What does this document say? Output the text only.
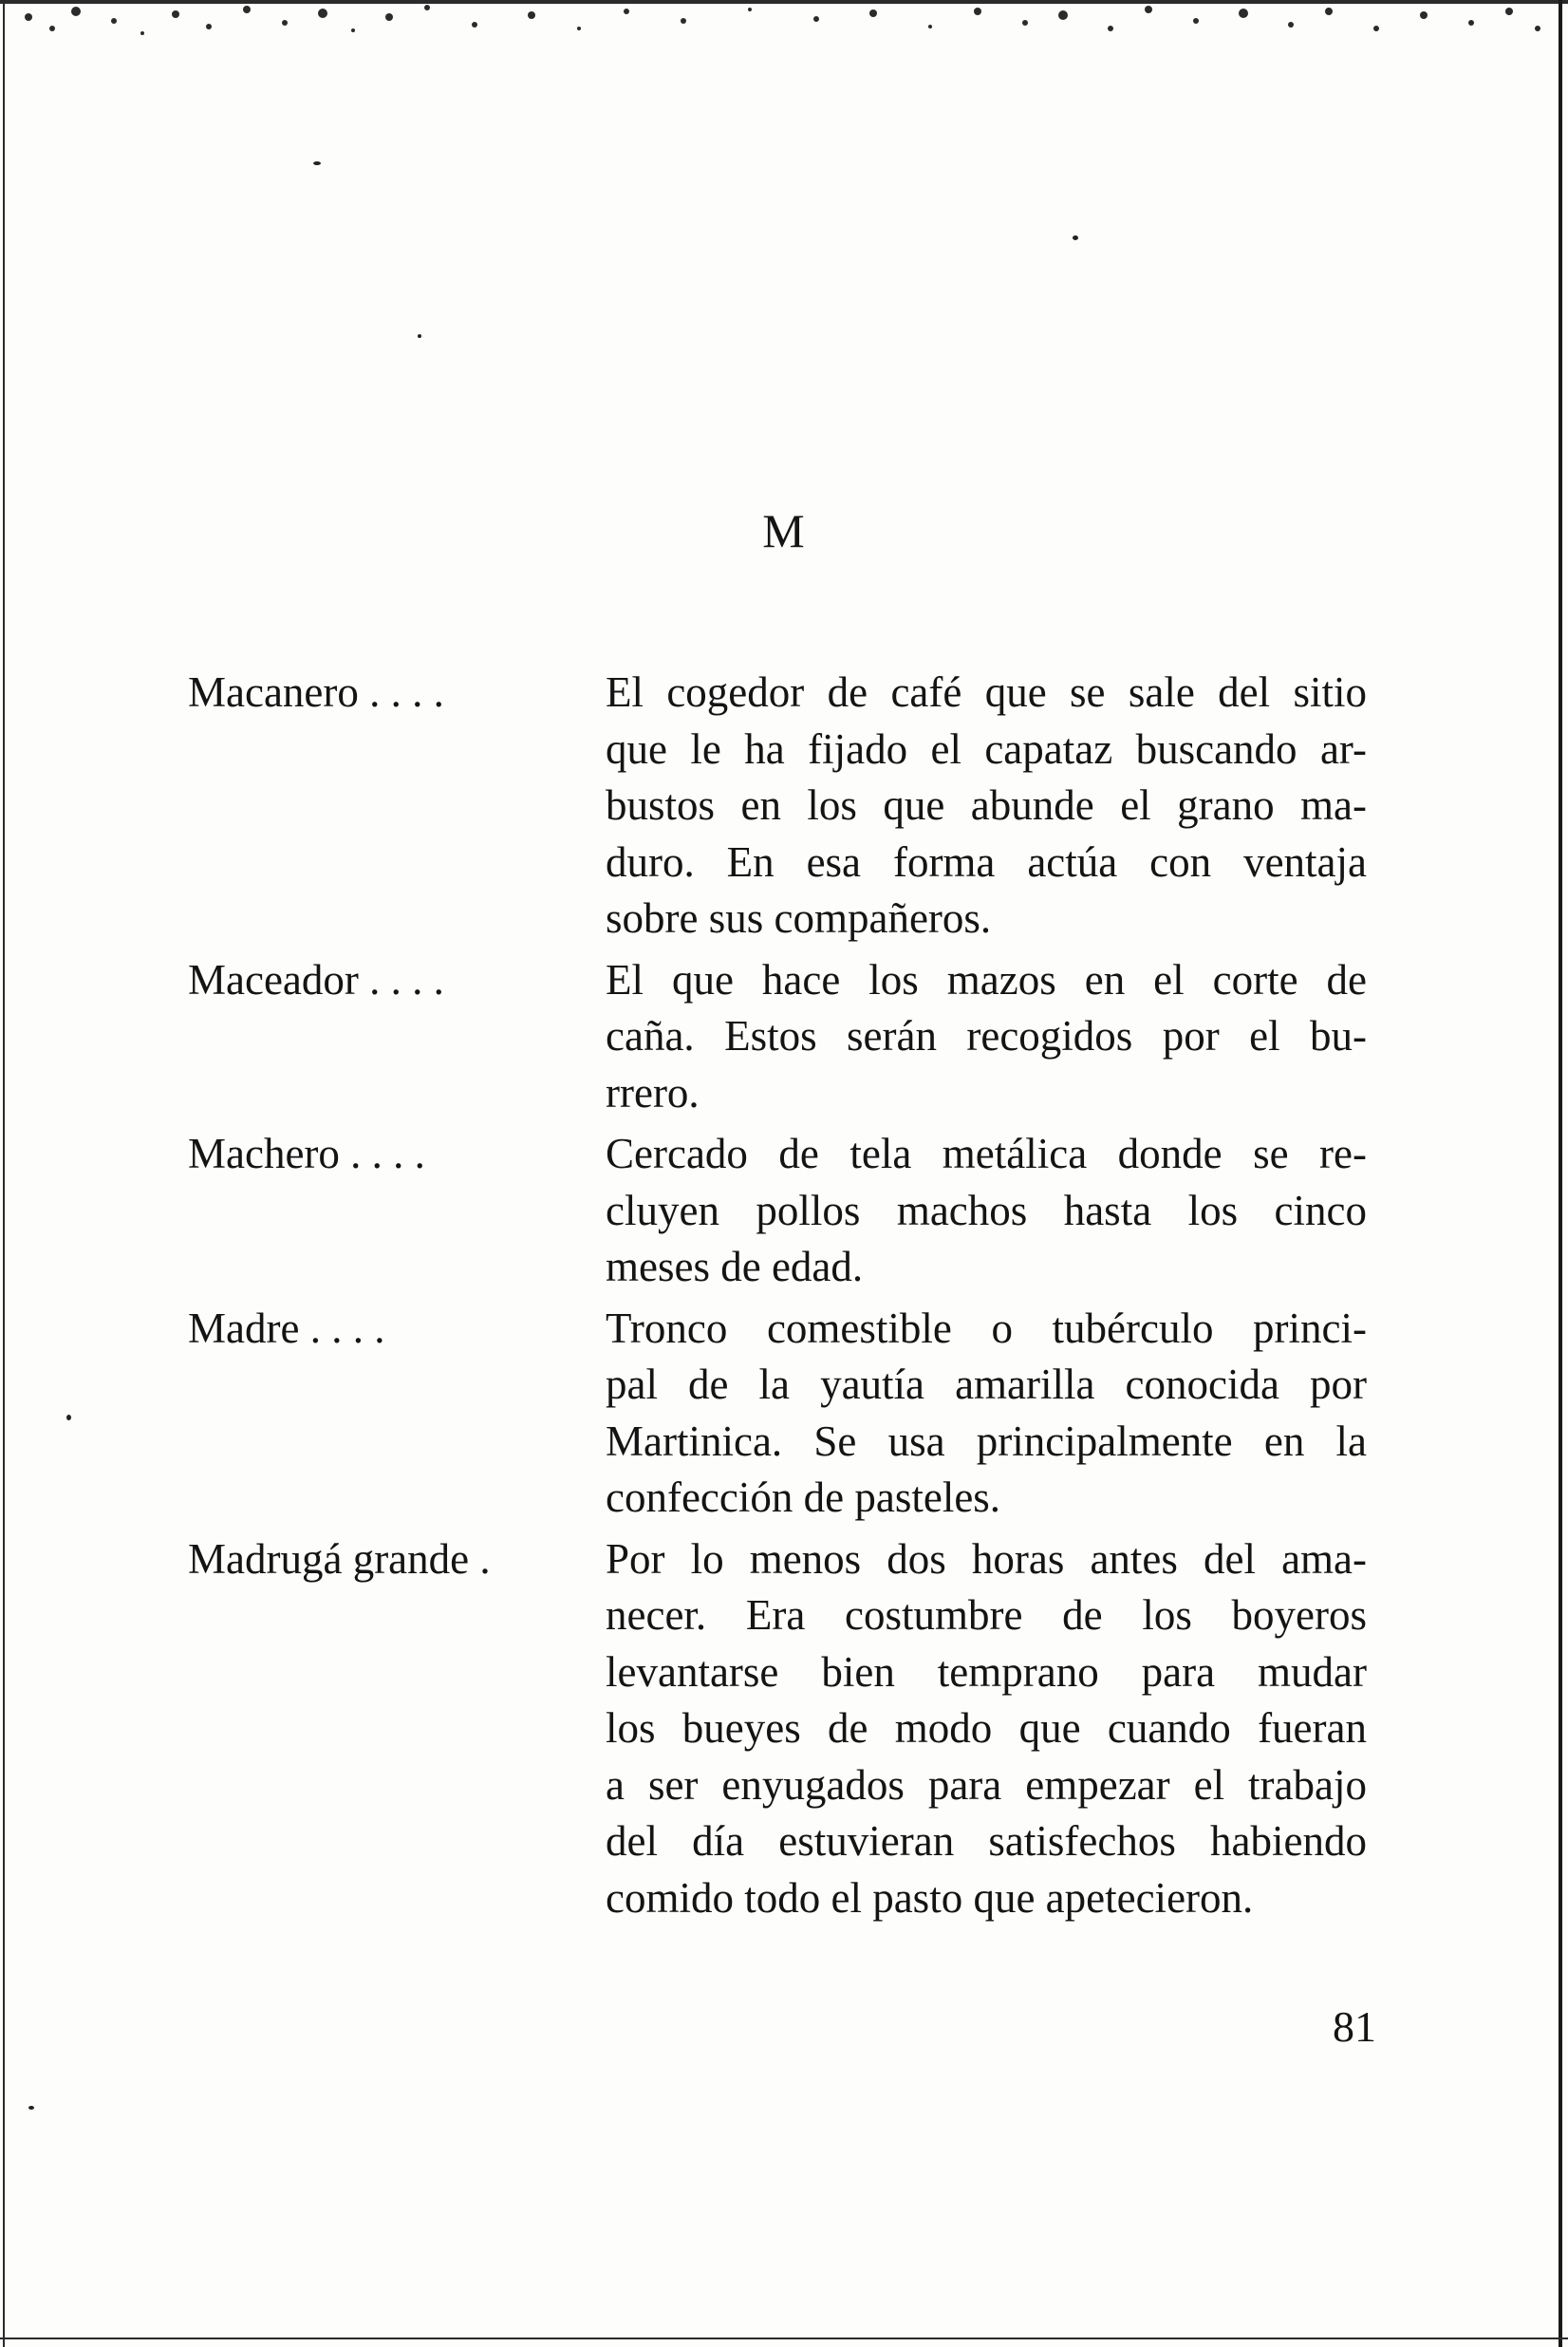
M
Macanero . . . .	El cogedor de café que se sale del sitio
que le ha fijado el capataz buscando ar-
bustos en los que abunde el grano ma-
duro. En esa forma actúa con ventaja
sobre sus compañeros.
Maceador . . . .	El que hace los mazos en el corte de
caña. Estos serán recogidos por el bu-
rrero.
Machero . . . .	Cercado de tela metálica donde se re-
cluyen pollos machos hasta los cinco
meses de edad.
Madre . . . .	Tronco comestible o tubérculo princi-
pal de la yautía amarilla conocida por
Martinica. Se usa principalmente en la
confección de pasteles.
Madrugá grande .	Por lo menos dos horas antes del ama-
necer. Era costumbre de los boyeros
levantarse bien temprano para mudar
los bueyes de modo que cuando fueran
a ser enyugados para empezar el trabajo
del día estuvieran satisfechos habiendo
comido todo el pasto que apetecieron.
81
